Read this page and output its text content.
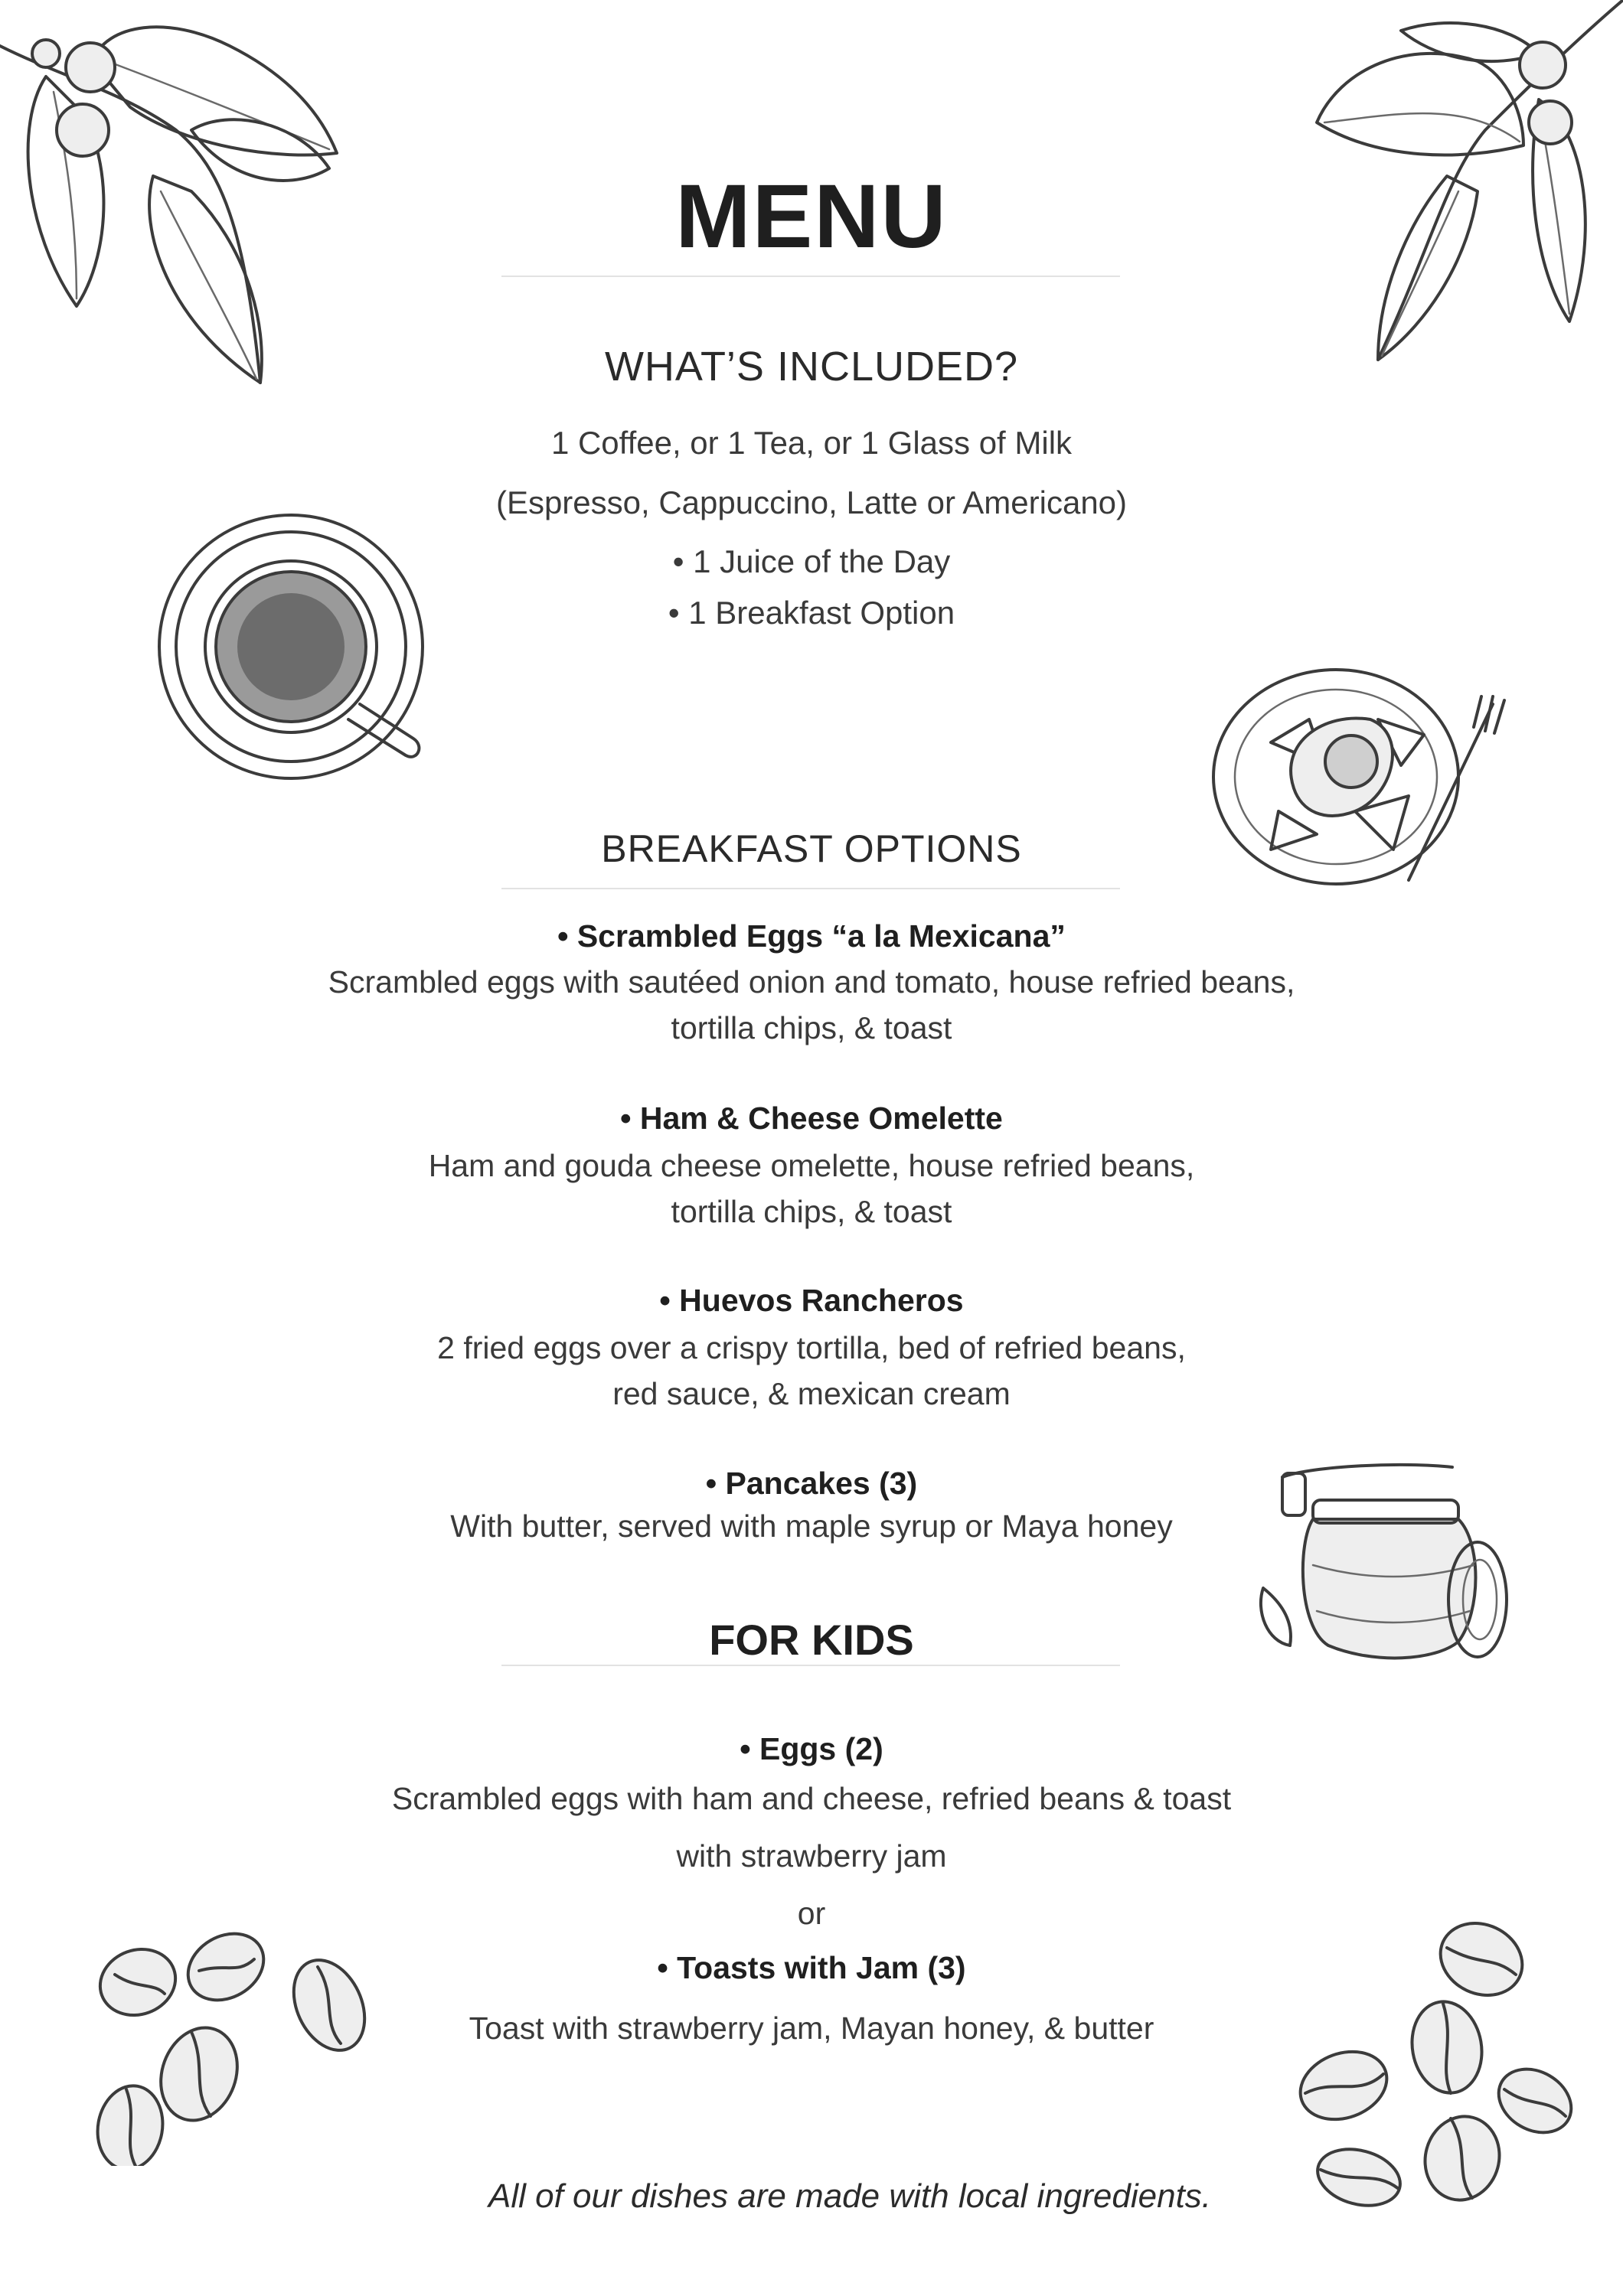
MENU
WHAT’S INCLUDED?
1 Coffee, or 1 Tea, or 1 Glass of Milk
(Espresso, Cappuccino, Latte or Americano)
• 1 Juice of the Day
• 1 Breakfast Option
BREAKFAST OPTIONS
• Scrambled Eggs “a la Mexicana”
Scrambled eggs with sautéed onion and tomato, house refried beans,
tortilla chips, & toast
• Ham & Cheese Omelette
Ham and gouda cheese omelette, house refried beans,
tortilla chips, & toast
• Huevos Rancheros
2 fried eggs over a crispy tortilla, bed of refried beans,
red sauce, & mexican cream
• Pancakes (3)
With butter, served with maple syrup or Maya honey
FOR KIDS
• Eggs (2)
Scrambled eggs with ham and cheese, refried beans & toast
with strawberry jam
or
• Toasts with Jam (3)
Toast with strawberry jam, Mayan honey, & butter
All of our dishes are made with local ingredients.
